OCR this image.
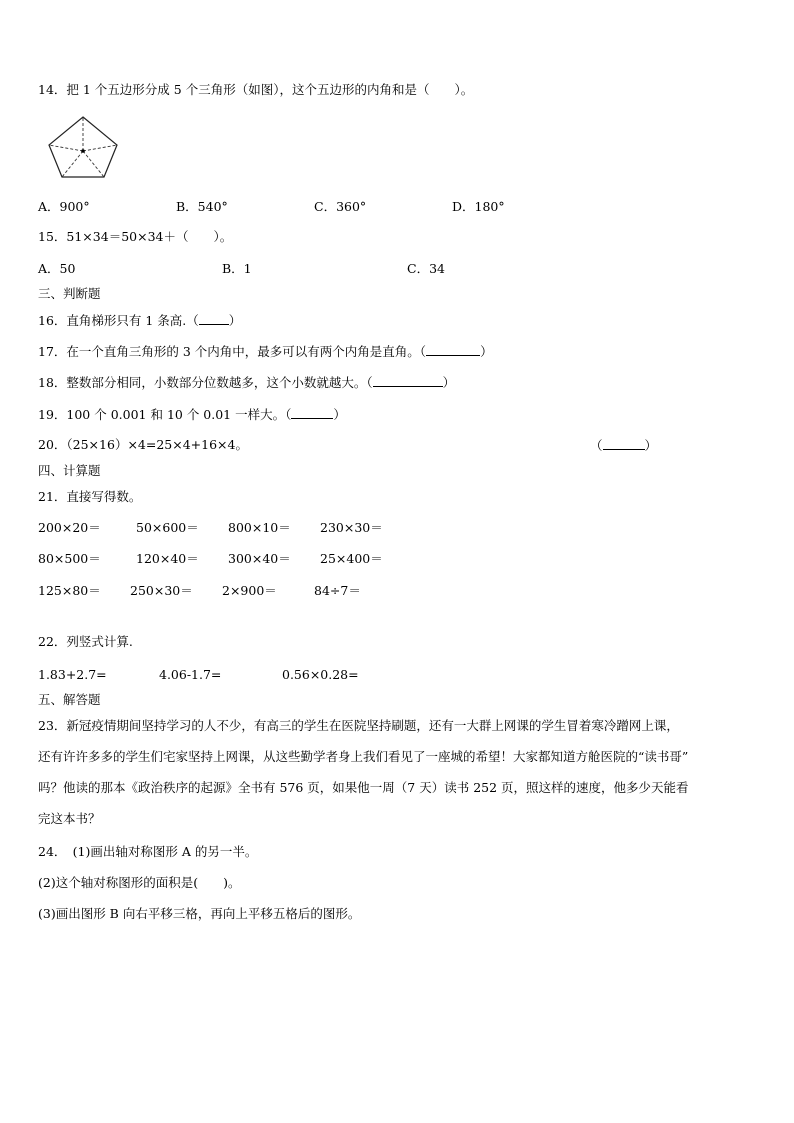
14．把 1 个五边形分成 5 个三角形（如图），这个五边形的内角和是（　　）。
A．900°	B．540°	C．360°	D．180°
15．51×34＝50×34＋（　　）。
A．50	B．1	C．34
三、判断题
16．直角梯形只有 1 条高.（ ）
17．在一个直角三角形的 3 个内角中，最多可以有两个内角是直角。（	）
18．整数部分相同，小数部分位数越多，这个小数就越大。（	）
19．100 个 0.001 和 10 个 0.01 一样大。（	）
20．（25×16）×4=25×4+16×4。	（	）
四、计算题
21．直接写得数。
200×20＝	50×600＝ 800×10＝ 230×30＝
80×500＝	120×40＝ 300×40＝ 25×400＝
125×80＝ 250×30＝ 2×900＝	84÷7＝
22．列竖式计算.
1.83+2.7=	4.06-1.7=	0.56×0.28=
五、解答题
23．新冠疫情期间坚持学习的人不少，有高三的学生在医院坚持刷题，还有一大群上网课的学生冒着寒冷蹭网上课，
还有许许多多的学生们宅家坚持上网课，从这些勤学者身上我们看见了一座城的希望！大家都知道方舱医院的“读书哥”
吗？他读的那本《政治秩序的起源》全书有 576 页，如果他一周（7 天）读书 252 页，照这样的速度，他多少天能看
完这本书？
24．　(1)画出轴对称图形 A 的另一半。
(2)这个轴对称图形的面积是(　　)。
(3)画出图形 B 向右平移三格，再向上平移五格后的图形。
